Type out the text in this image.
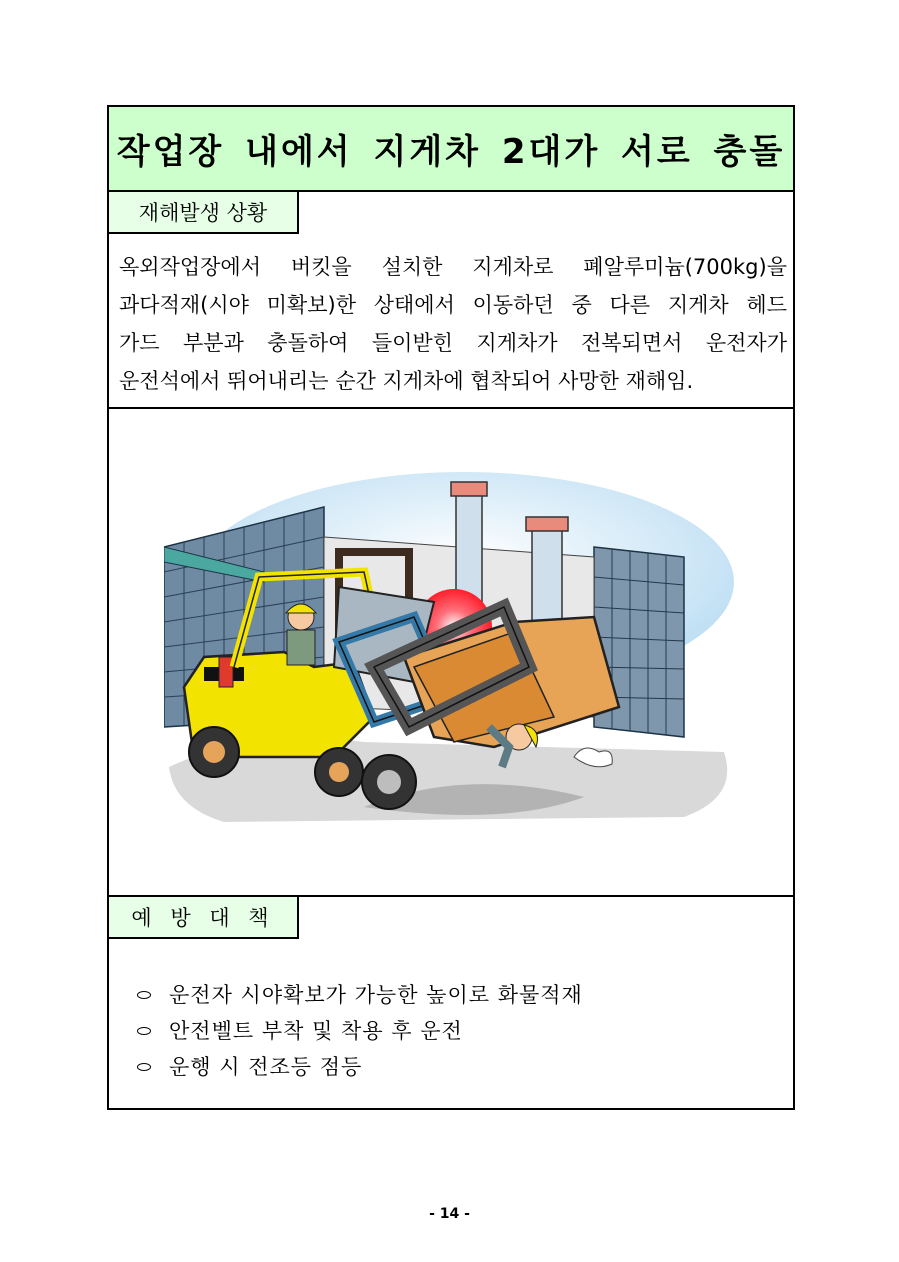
작업장 내에서 지게차 2대가 서로 충돌
재해발생 상황
옥외작업장에서 버킷을 설치한 지게차로 폐알루미늄(700kg)을
과다적재(시야 미확보)한 상태에서 이동하던 중 다른 지게차 헤드
가드 부분과 충돌하여 들이받힌 지게차가 전복되면서 운전자가
운전석에서 뛰어내리는 순간 지게차에 협착되어 사망한 재해임.
예 방 대 책
운전자 시야확보가 가능한 높이로 화물적재
안전벨트 부착 및 착용 후 운전
운행 시 전조등 점등
- 14 -
